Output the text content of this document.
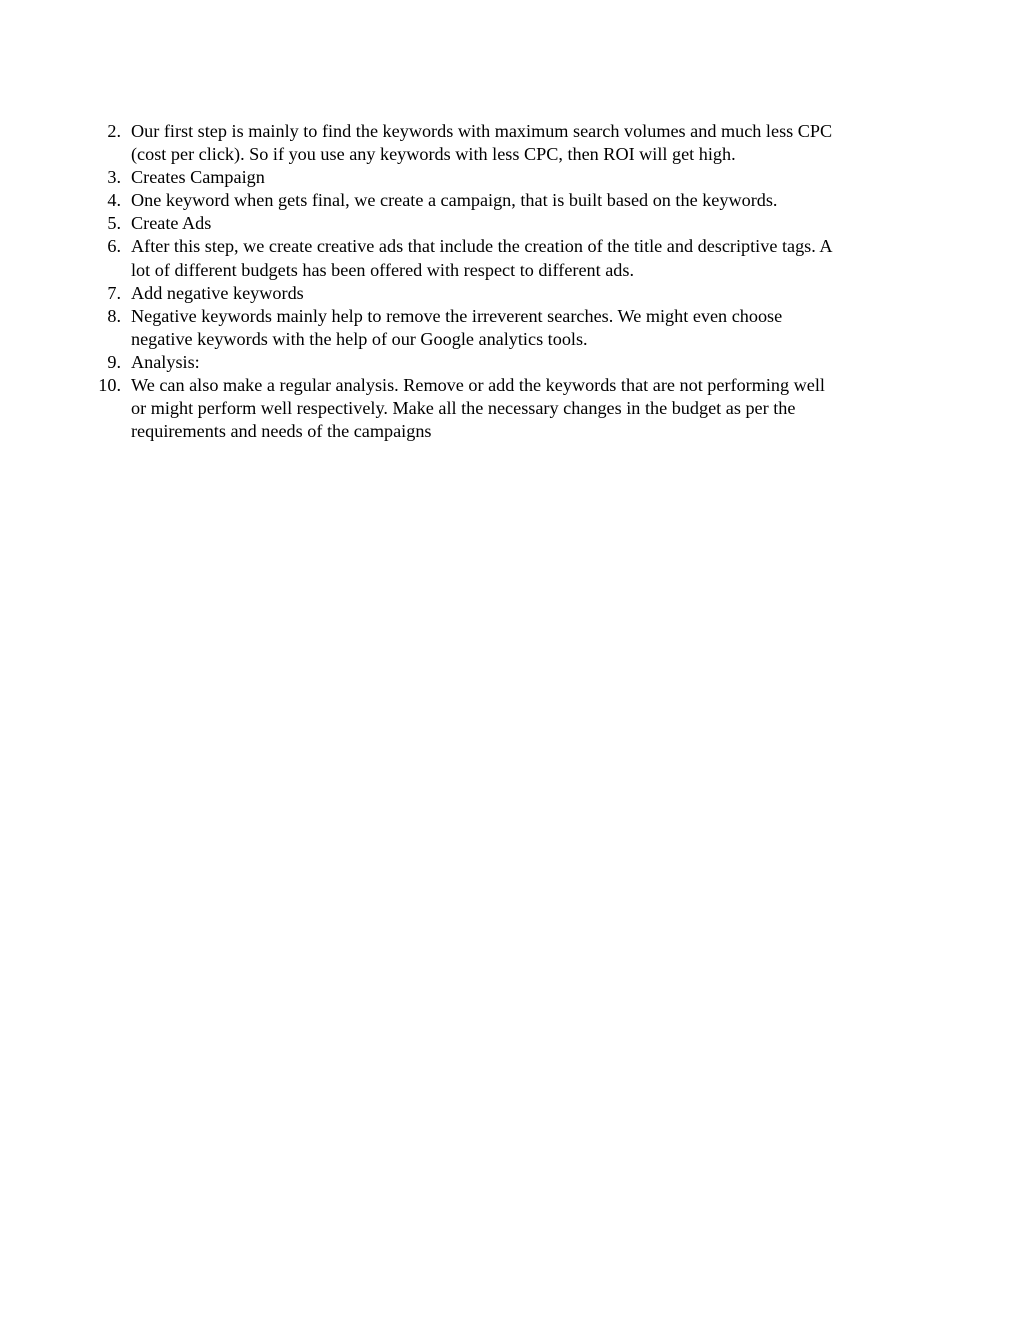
2. Our first step is mainly to find the keywords with maximum search volumes and much less CPC
(cost per click). So if you use any keywords with less CPC, then ROI will get high.
3. Creates Campaign
4. One keyword when gets final, we create a campaign, that is built based on the keywords.
5. Create Ads
6. After this step, we create creative ads that include the creation of the title and descriptive tags. A
lot of different budgets has been offered with respect to different ads.
7. Add negative keywords
8. Negative keywords mainly help to remove the irreverent searches. We might even choose
negative keywords with the help of our Google analytics tools.
9. Analysis:
10. We can also make a regular analysis. Remove or add the keywords that are not performing well
or might perform well respectively. Make all the necessary changes in the budget as per the
requirements and needs of the campaigns
